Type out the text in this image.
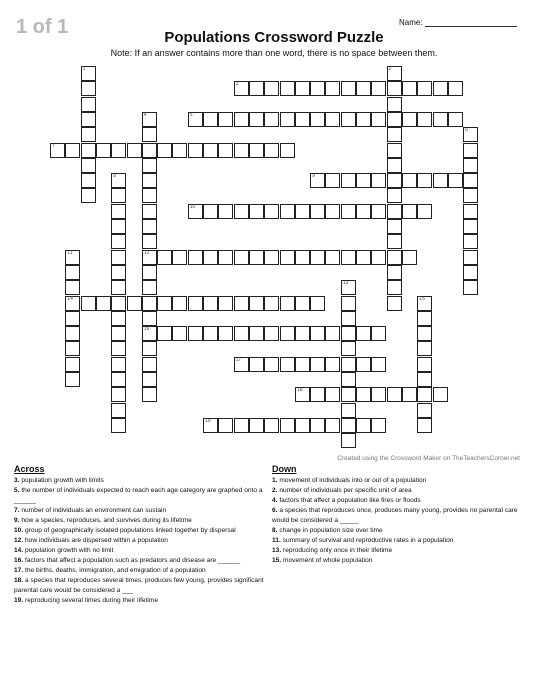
1 of 1	Name:
Populations Crossword Puzzle
Note: If an answer contains more than one word, there is no space between them.
1	2
3
4
12
16
5
6
7
8	9
10
11
14
13
15
17
18
19
Created using the Crossword Maker on TheTeachersCorner.net
Across
3. population growth with limits
5. the number of individuals expected to reach each age category are graphed onto a ______
7. number of individuals an environment can sustain
9. how a species, reproduces, and survives during its lifetime
10. group of geographically isolated populations linked together by dispersal
12. how individuals are dispersed within a population
14. population growth with no limit
16. factors that affect a population such as predators and disease are ______
17. the births, deaths, immigration, and emigration of a population
18. a species that reproduces several times, produces few young, provides significant parental care would be considered a ___
19. reproducing several times during their lifetime
Down
1. movement of individuals into or out of a population
2. number of individuals per specific unit of area
4. factors that affect a population like fires or floods
6. a species that reproduces once, produces many young, provides no parental care would be considered a _____
8. change in population size over time
11. summary of survival and reproductive rates in a population
13. reproducing only once in their lifetime
15. movement of whole population
